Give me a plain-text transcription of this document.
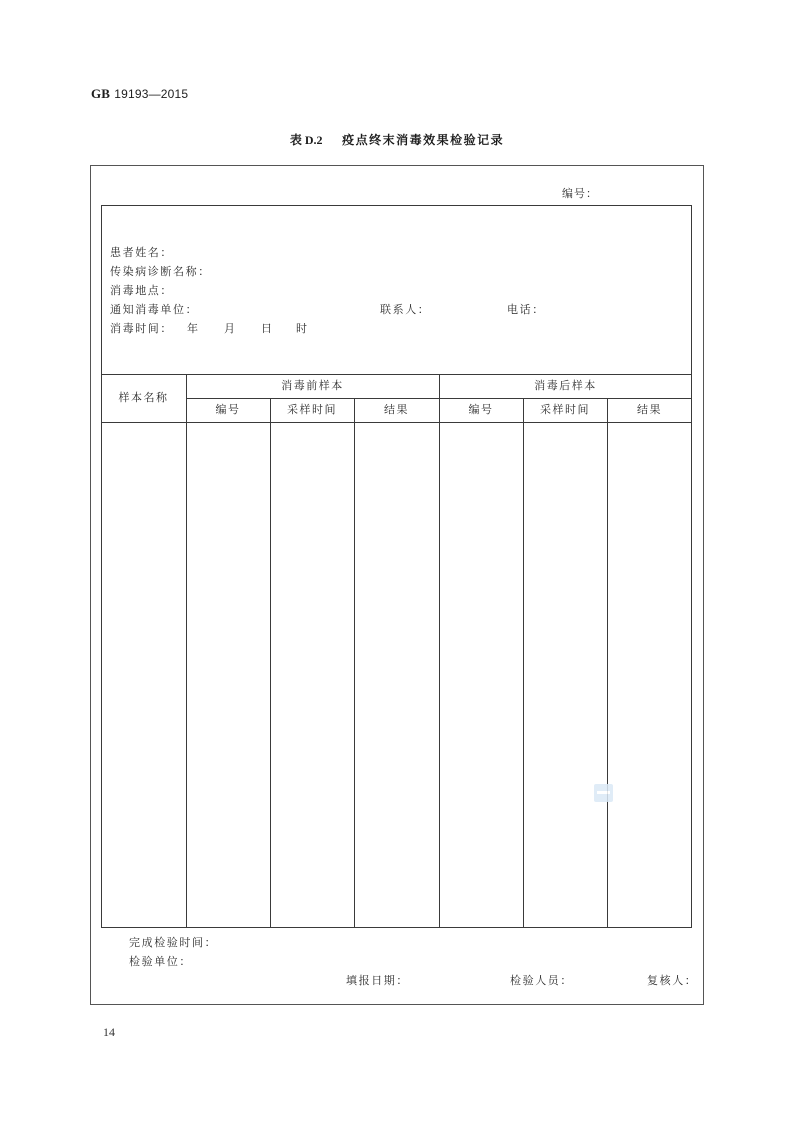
GB 19193—2015
表 D.2 疫点终末消毒效果检验记录
编号：
患者姓名：
传染病诊断名称：
消毒地点：
通知消毒单位：	联系人：	电话：
消毒时间： 年 月 日 时
样本名称
消毒前样本	消毒后样本
编号	采样时间	结果	编号	采样时间	结果
完成检验时间：
检验单位：
填报日期：	检验人员：	复核人：
14
